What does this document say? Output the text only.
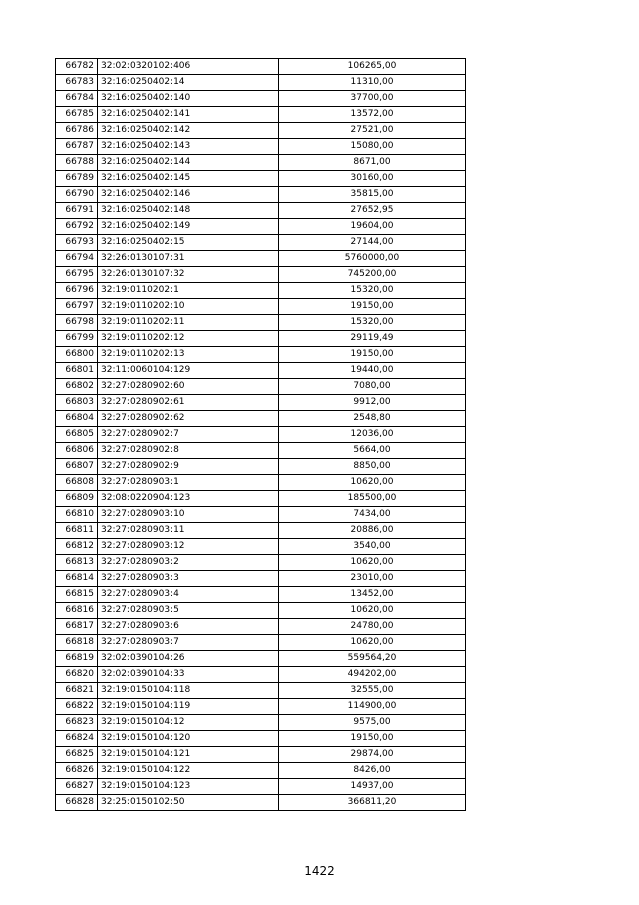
66782	32:02:0320102:406	106265,00
66783	32:16:0250402:14	11310,00
66784	32:16:0250402:140	37700,00
66785	32:16:0250402:141	13572,00
66786	32:16:0250402:142	27521,00
66787	32:16:0250402:143	15080,00
66788	32:16:0250402:144	8671,00
66789	32:16:0250402:145	30160,00
66790	32:16:0250402:146	35815,00
66791	32:16:0250402:148	27652,95
66792	32:16:0250402:149	19604,00
66793	32:16:0250402:15	27144,00
66794	32:26:0130107:31	5760000,00
66795	32:26:0130107:32	745200,00
66796	32:19:0110202:1	15320,00
66797	32:19:0110202:10	19150,00
66798	32:19:0110202:11	15320,00
66799	32:19:0110202:12	29119,49
66800	32:19:0110202:13	19150,00
66801	32:11:0060104:129	19440,00
66802	32:27:0280902:60	7080,00
66803	32:27:0280902:61	9912,00
66804	32:27:0280902:62	2548,80
66805	32:27:0280902:7	12036,00
66806	32:27:0280902:8	5664,00
66807	32:27:0280902:9	8850,00
66808	32:27:0280903:1	10620,00
66809	32:08:0220904:123	185500,00
66810	32:27:0280903:10	7434,00
66811	32:27:0280903:11	20886,00
66812	32:27:0280903:12	3540,00
66813	32:27:0280903:2	10620,00
66814	32:27:0280903:3	23010,00
66815	32:27:0280903:4	13452,00
66816	32:27:0280903:5	10620,00
66817	32:27:0280903:6	24780,00
66818	32:27:0280903:7	10620,00
66819	32:02:0390104:26	559564,20
66820	32:02:0390104:33	494202,00
66821	32:19:0150104:118	32555,00
66822	32:19:0150104:119	114900,00
66823	32:19:0150104:12	9575,00
66824	32:19:0150104:120	19150,00
66825	32:19:0150104:121	29874,00
66826	32:19:0150104:122	8426,00
66827	32:19:0150104:123	14937,00
66828	32:25:0150102:50	366811,20
1422
